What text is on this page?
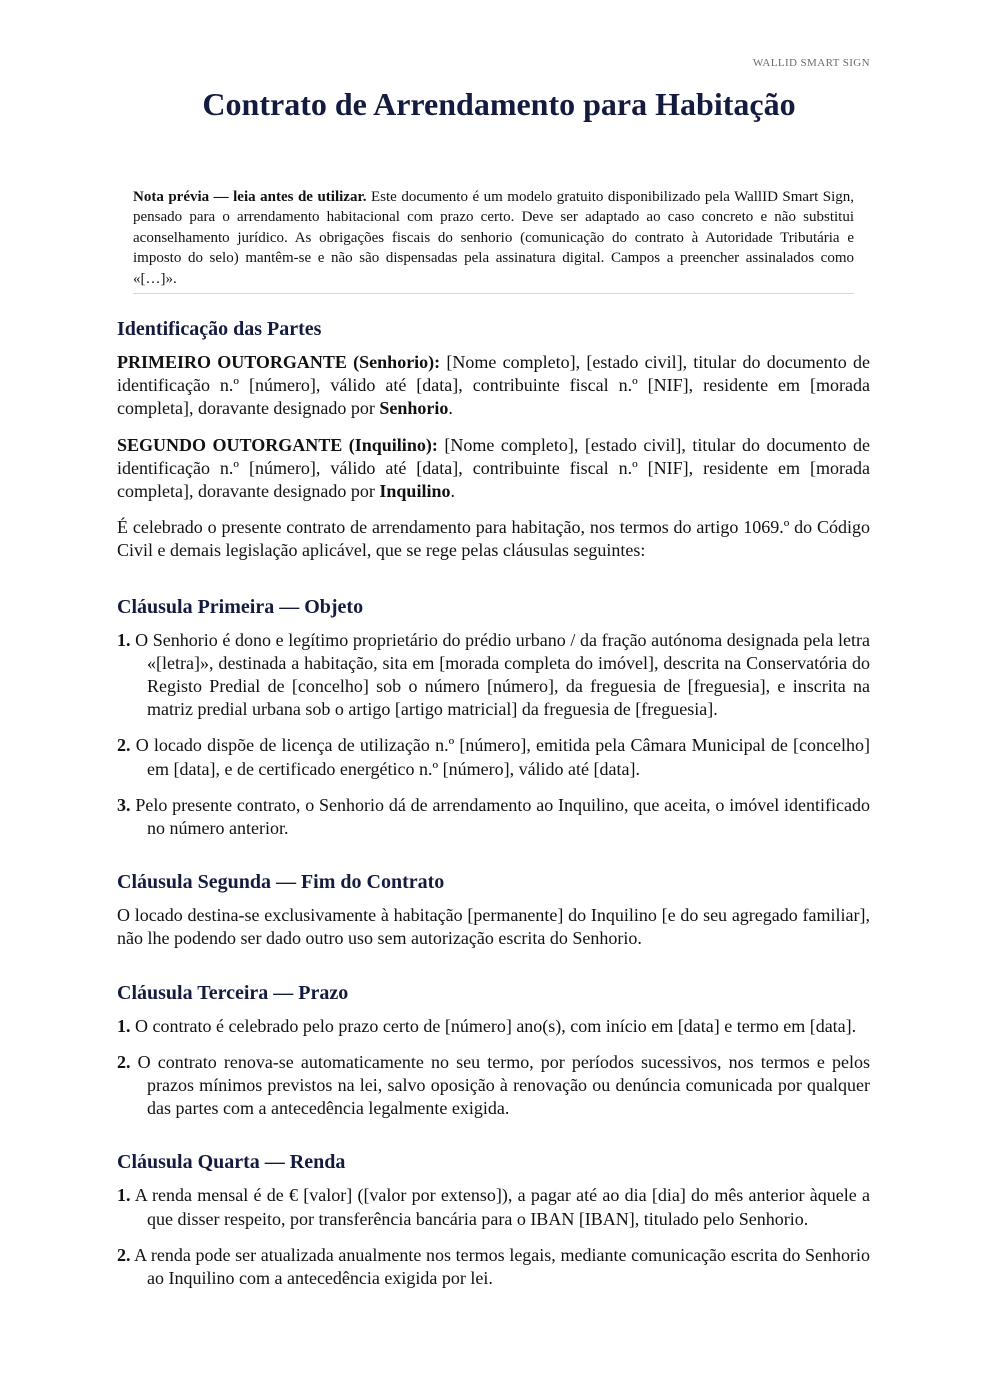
WALLID SMART SIGN
Contrato de Arrendamento para Habitação
Nota prévia — leia antes de utilizar. Este documento é um modelo gratuito disponibilizado pela WallID Smart Sign, pensado para o arrendamento habitacional com prazo certo. Deve ser adaptado ao caso concreto e não substitui aconselhamento jurídico. As obrigações fiscais do senhorio (comunicação do contrato à Autoridade Tributária e imposto do selo) mantêm-se e não são dispensadas pela assinatura digital. Campos a preencher assinalados como «[…]».
Identificação das Partes

PRIMEIRO OUTORGANTE (Senhorio): [Nome completo], [estado civil], titular do documento de identificação n.º [número], válido até [data], contribuinte fiscal n.º [NIF], residente em [morada completa], doravante designado por Senhorio.

SEGUNDO OUTORGANTE (Inquilino): [Nome completo], [estado civil], titular do documento de identificação n.º [número], válido até [data], contribuinte fiscal n.º [NIF], residente em [morada completa], doravante designado por Inquilino.

É celebrado o presente contrato de arrendamento para habitação, nos termos do artigo 1069.º do Código Civil e demais legislação aplicável, que se rege pelas cláusulas seguintes:

Cláusula Primeira — Objeto
1. O Senhorio é dono e legítimo proprietário do prédio urbano / da fração autónoma designada pela letra «[letra]», destinada a habitação, sita em [morada completa do imóvel], descrita na Conservatória do Registo Predial de [concelho] sob o número [número], da freguesia de [freguesia], e inscrita na matriz predial urbana sob o artigo [artigo matricial] da freguesia de [freguesia].
2. O locado dispõe de licença de utilização n.º [número], emitida pela Câmara Municipal de [concelho] em [data], e de certificado energético n.º [número], válido até [data].
3. Pelo presente contrato, o Senhorio dá de arrendamento ao Inquilino, que aceita, o imóvel identificado no número anterior.
Cláusula Segunda — Fim do Contrato

O locado destina-se exclusivamente à habitação [permanente] do Inquilino [e do seu agregado familiar], não lhe podendo ser dado outro uso sem autorização escrita do Senhorio.

Cláusula Terceira — Prazo
1. O contrato é celebrado pelo prazo certo de [número] ano(s), com início em [data] e termo em [data].
2. O contrato renova-se automaticamente no seu termo, por períodos sucessivos, nos termos e pelos prazos mínimos previstos na lei, salvo oposição à renovação ou denúncia comunicada por qualquer das partes com a antecedência legalmente exigida.
Cláusula Quarta — Renda
1. A renda mensal é de € [valor] ([valor por extenso]), a pagar até ao dia [dia] do mês anterior àquele a que disser respeito, por transferência bancária para o IBAN [IBAN], titulado pelo Senhorio.
2. A renda pode ser atualizada anualmente nos termos legais, mediante comunicação escrita do Senhorio ao Inquilino com a antecedência exigida por lei.
